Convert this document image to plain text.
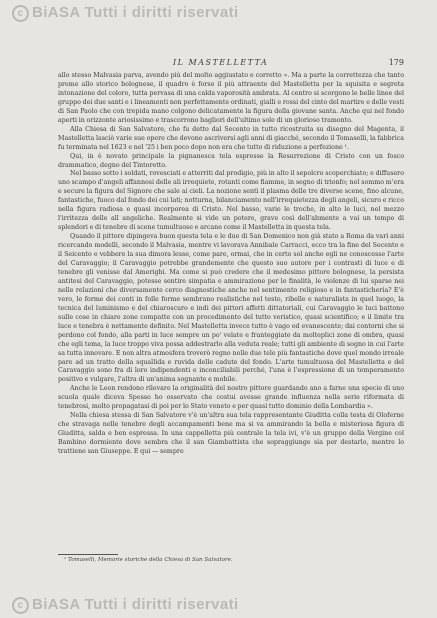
c BiASA Tutti i diritti riservati
IL MASTELLETTA	179

allo stesso Malvasia parva, avendo più del molto aggiustato e corretto ». Ma a parte la correttezza che tanto preme allo storico bolognese, il quadro è forse il più attraente del Mastelletta per la squisita e segreta intonazione del colore, tutta pervasa di una calda vaporosità ambrata. Al centro si scorgono le belle linee del gruppo dei due santi e i lineamenti non perfettamente ordinati, gialli e rossi del cinto del martire e delle vesti di San Paolo che con trepida mano colgono delicatamente la figura della giovane santa. Anche qui nel fondo aperti in orizzonte ariosissimo e trascorrono bagliori dell'ultimo sole di un glorioso tramonto.

Alla Chiesa di San Salvatore, che fu detto dal Secento in tutto ricostruita su disegno del Magenta, il Mastelletta lasciò varie sue opere che devono ascriversi agli anni di giacché, secondo il Tomaselli, la fabbrica fu terminata nel 1623 e nel '25 i ben poco dopo non era che tutto di riduzione a perfezione ¹.

Qui, in è novato principale la pignanesca tela espresse la Resurrezione di Cristo con un fosco drammatico, degno del Tintoretto.

Nel basso sotto i soldati, rovesciati e atterriti dal prodigio, più in alto il sepolcro scoperchiato; e diffusero uno scampo d'angeli affannosi delle ali irrequiete, rotanti come fiamme, in segno di trionfo; nel sommo m'era e secure la figura del Signore che sale ai cieli. La nozione sentì il plasma delle tre diverse scene, fino alcune, fantastiche, fuoco dal fondo dei cui lati; notturna, bilanciamento nell'irrequietezza degli angeli, sicuro e ricco nella figura radiosa e quasi incorporea di Cristo. Nel basso, varie le troche, in alto le luci, nel mezzo l'irritezza delle all angeliche. Realmente si vide un potere, grave così dell'abmente a vai un tempo di splendori e di tenebre di scene tumultuose e arcane come il Mastelletta in questa tela.

Quando il pittore dipingeva buon questa tela e le due di San Domenico non già stato a Roma da vari anni ricercando modelli, secondo il Malvasia, mentre vi lavorava Annibale Carracci, ecco tra la fine del Secento e il Seicento e vebbere la sua dimora lesse, come pare, ormai, che in certo sol anche egli ne conoscesse l'arte del Caravaggio; il Caravaggio potrebbe grandemente che questo suo autore per i contrasti di luce e di tenebre gli venisse dal Amerighi. Ma come si può credere che il medesimo pittore bolognese, la persista antitesi del Caravaggio, potesse sentire simpatia e ammirazione per le finalità, le violenze di lui sparse nei nelle relazioni che diversamente cerco diagnostiche anche nel sentimento religioso e in fantasticherìa? E'è vero, le forme dei conti in folle forme sembrano realistiche nel testo, ribelle e naturalista in quel luogo, la tecnica del luminismo e del chiaroscuro e indi dei pittori affetti dittatoriali, cui Caravaggio le luci battono sulle cose in chiare zone compatte con un procedimento del tutto veristico, quasi scientifico; e il limite tra luce e tenebra è nettamente definito. Nel Mastelletta invece tutto è vago ed evanescente; dai contorni che si perdono col fondo, alla parti in luce sempre un po' velate e franteggiate da molteplici zone di ombra, quasi che egli tema, la luce troppo viva possa addestrarlo alla veduta reale; tutti gli ambiente di sogno in cui l'arte sa tutta innovare. E non altra atmosfera troverò regno nelle due tele più fantastiche dove quel mondo irreale pare ad un tratto della squallida e ruvida delle cadute del fondo. L'arte tumultuosa del Mastelletta e del Caravaggio sono fra di loro indipendenti e inconciliabili perché, l'una è l'espressione di un temperamento positivo e vulgare, l'altra di un'anima sognante e mobile.

Anche le Leon rendono rilevare la originalità del nostro pittore guardando ano a farne una specie di uno scuola quale diceva Spesso ho osservato che costui avesse grande influenza nella serie riformata di tenebrosi, molto propagatasi di poi per lo Stato veneto e per quasi tutto dominio della Lombardia ».

Nella chiesa stessa di San Salvatore v'è un'altra sua tela rappresentante Giuditta colla testa di Oloferne che stravaga nelle tenebre degli accampamenti bene ma si va ammirando la bella e misteriosa figura di Giuditta, salda e ben espressa. In una cappelletta più centrale la tela ivi, v'è un gruppo della Vergine col Bambino dormiente dove sembra che il san Giambattista che sopraggiunge sia per destarlo, mentre lo trattiene san Giuseppe. E qui — sempre

¹ Tomaselli, Memorie storiche della Chiesa di San Salvatore.
c BiASA Tutti i diritti riservati
